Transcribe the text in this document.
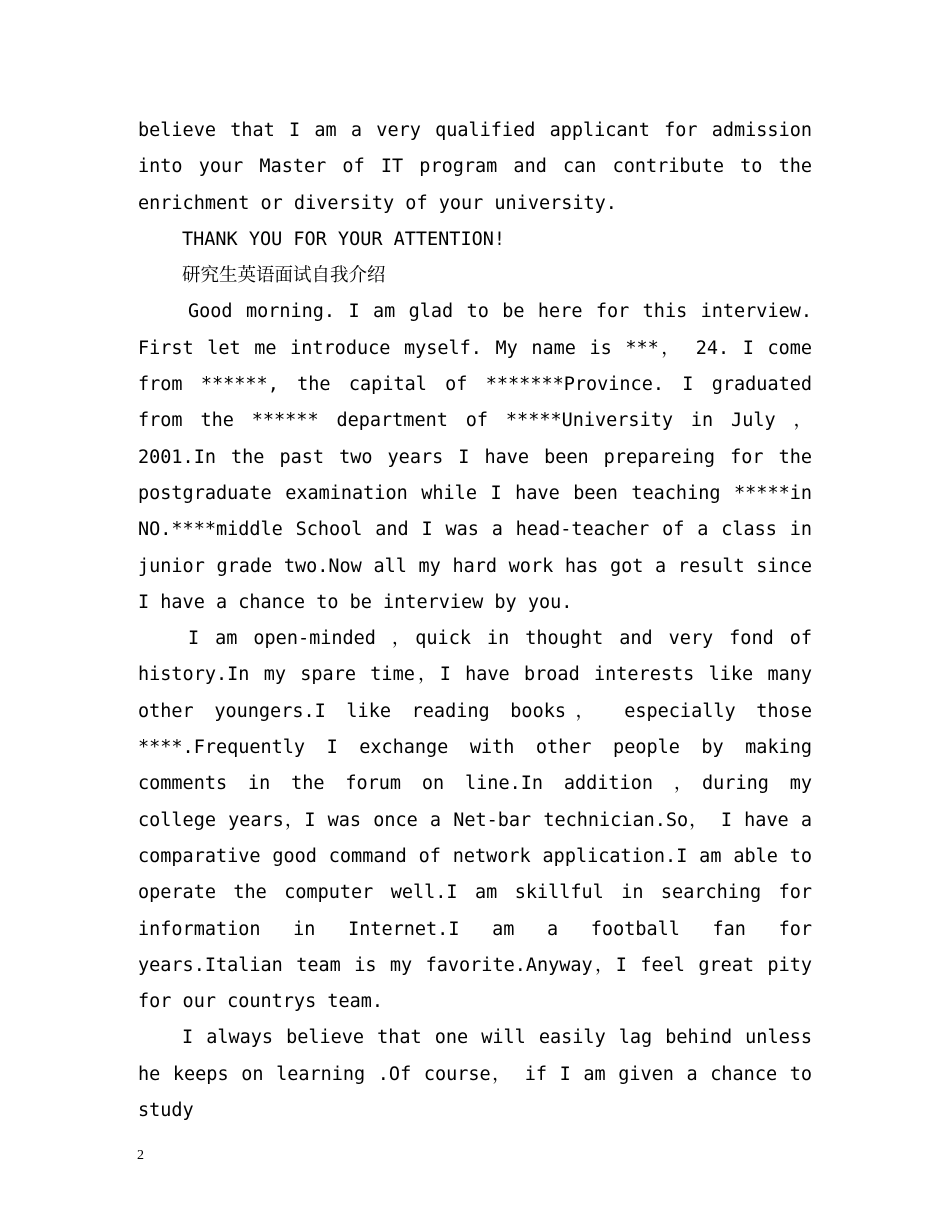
believe that I am a very qualified applicant for admission into your Master of IT program and can contribute to the enrichment or diversity of your university.

THANK YOU FOR YOUR ATTENTION!

研究生英语面试自我介绍

Good morning. I am glad to be here for this interview. First let me introduce myself. My name is ***， 24. I come from ******, the capital of *******Province. I graduated from the ****** department of *****University in July ，2001.In the past two years I have been prepareing for the postgraduate examination while I have been teaching *****in NO.****middle School and I was a head-teacher of a class in junior grade two.Now all my hard work has got a result since I have a chance to be interview by you.

I am open-minded ，quick in thought and very fond of history.In my spare time，I have broad interests like many other youngers.I like reading books， especially those ****.Frequently I exchange with other people by making comments in the forum on line.In addition ，during my college years，I was once a Net-bar technician.So， I have a comparative good command of network application.I am able to operate the computer well.I am skillful in searching for information in Internet.I am a football fan for years.Italian team is my favorite.Anyway，I feel great pity for our countrys team.

I always believe that one will easily lag behind unless he keeps on learning .Of course， if I am given a chance to study

2
